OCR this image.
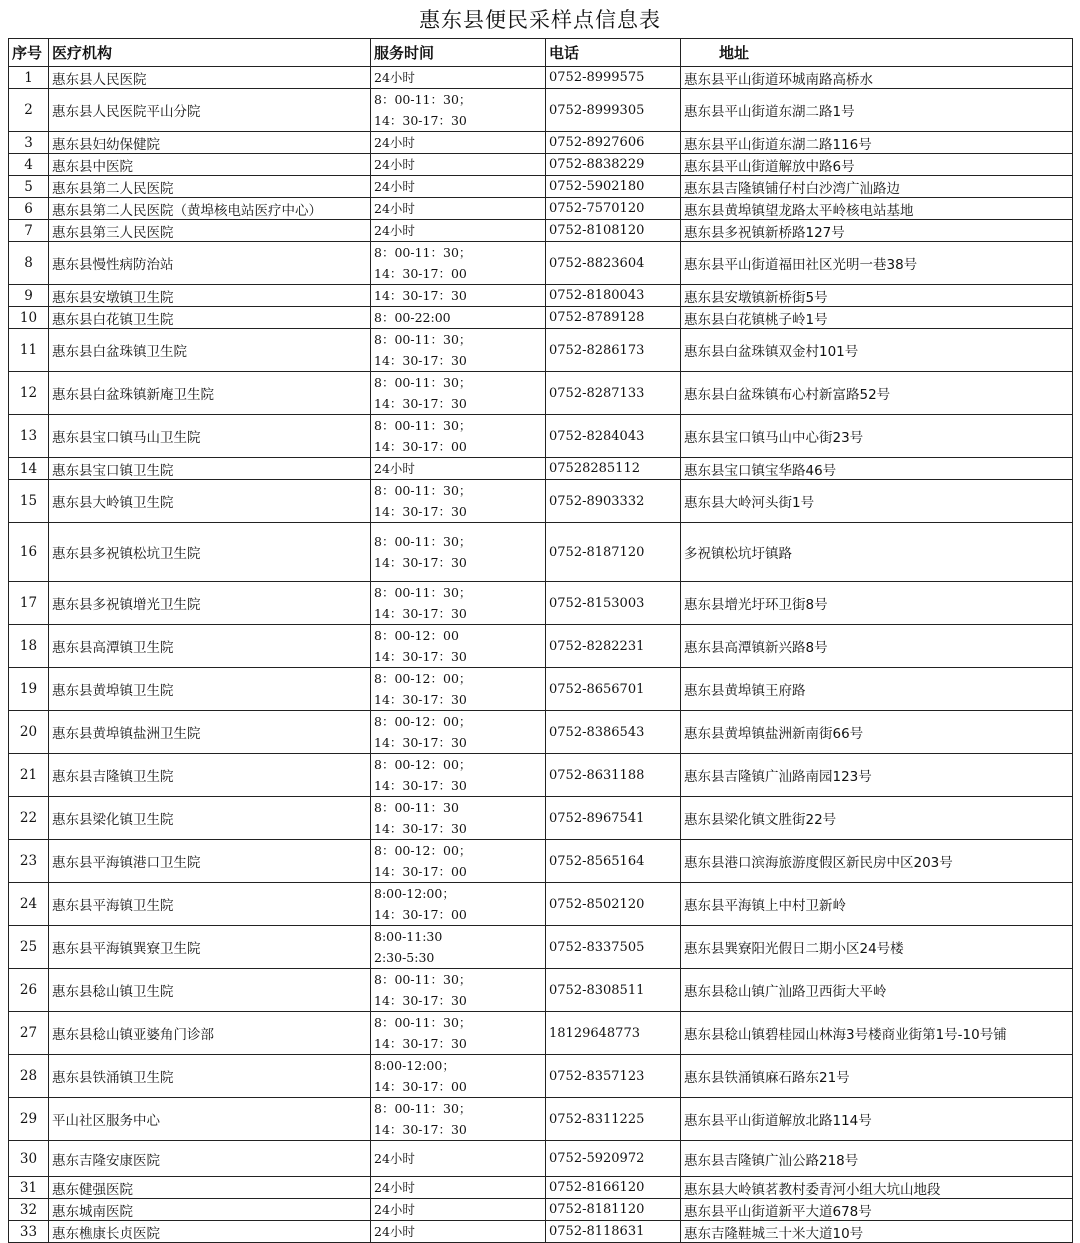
惠东县便民采样点信息表
序号	医疗机构	服务时间	电话	地址
1	惠东县人民医院	24小时	0752-8999575	惠东县平山街道环城南路高桥水
2	惠东县人民医院平山分院	8：00-11：30；
14：30-17：30	0752-8999305	惠东县平山街道东湖二路1号
3	惠东县妇幼保健院	24小时	0752-8927606	惠东县平山街道东湖二路116号
4	惠东县中医院	24小时	0752-8838229	惠东县平山街道解放中路6号
5	惠东县第二人民医院	24小时	0752-5902180	惠东县吉隆镇铺仔村白沙湾广汕路边
6	惠东县第二人民医院（黄埠核电站医疗中心）	24小时	0752-7570120	惠东县黄埠镇望龙路太平岭核电站基地
7	惠东县第三人民医院	24小时	0752-8108120	惠东县多祝镇新桥路127号
8	惠东县慢性病防治站	8：00-11：30；
14：30-17：00	0752-8823604	惠东县平山街道福田社区光明一巷38号
9	惠东县安墩镇卫生院	14：30-17：30	0752-8180043	惠东县安墩镇新桥街5号
10	惠东县白花镇卫生院	8：00-22:00	0752-8789128	惠东县白花镇桃子岭1号
11	惠东县白盆珠镇卫生院	8：00-11：30；
14：30-17：30	0752-8286173	惠东县白盆珠镇双金村101号
12	惠东县白盆珠镇新庵卫生院	8：00-11：30；
14：30-17：30	0752-8287133	惠东县白盆珠镇布心村新富路52号
13	惠东县宝口镇马山卫生院	8：00-11：30；
14：30-17：00	0752-8284043	惠东县宝口镇马山中心街23号
14	惠东县宝口镇卫生院	24小时	07528285112	惠东县宝口镇宝华路46号
15	惠东县大岭镇卫生院	8：00-11：30；
14：30-17：30	0752-8903332	惠东县大岭河头街1号
16	惠东县多祝镇松坑卫生院	8：00-11：30；
14：30-17：30	0752-8187120	多祝镇松坑圩镇路
17	惠东县多祝镇增光卫生院	8：00-11：30；
14：30-17：30	0752-8153003	惠东县增光圩环卫街8号
18	惠东县高潭镇卫生院	8：00-12：00
14：30-17：30	0752-8282231	惠东县高潭镇新兴路8号
19	惠东县黄埠镇卫生院	8：00-12：00；
14：30-17：30	0752-8656701	惠东县黄埠镇王府路
20	惠东县黄埠镇盐洲卫生院	8：00-12：00；
14：30-17：30	0752-8386543	惠东县黄埠镇盐洲新南街66号
21	惠东县吉隆镇卫生院	8：00-12：00；
14：30-17：30	0752-8631188	惠东县吉隆镇广汕路南园123号
22	惠东县梁化镇卫生院	8：00-11：30
14：30-17：30	0752-8967541	惠东县梁化镇文胜街22号
23	惠东县平海镇港口卫生院	8：00-12：00；
14：30-17：00	0752-8565164	惠东县港口滨海旅游度假区新民房中区203号
24	惠东县平海镇卫生院	8:00-12:00；
14：30-17：00	0752-8502120	惠东县平海镇上中村卫新岭
25	惠东县平海镇巽寮卫生院	8:00-11:30
2:30-5:30	0752-8337505	惠东县巽寮阳光假日二期小区24号楼
26	惠东县稔山镇卫生院	8：00-11：30；
14：30-17：30	0752-8308511	惠东县稔山镇广汕路卫西街大平岭
27	惠东县稔山镇亚婆角门诊部	8：00-11：30；
14：30-17：30	18129648773	惠东县稔山镇碧桂园山林海3号楼商业街第1号-10号铺
28	惠东县铁涌镇卫生院	8:00-12:00；
14：30-17：00	0752-8357123	惠东县铁涌镇麻石路东21号
29	平山社区服务中心	8：00-11：30；
14：30-17：30	0752-8311225	惠东县平山街道解放北路114号
30	惠东吉隆安康医院	24小时	0752-5920972	惠东县吉隆镇广汕公路218号
31	惠东健强医院	24小时	0752-8166120	惠东县大岭镇茗教村委青河小组大坑山地段
32	惠东城南医院	24小时	0752-8181120	惠东县平山街道新平大道678号
33	惠东樵康长贞医院	24小时	0752-8118631	惠东吉隆鞋城三十米大道10号
